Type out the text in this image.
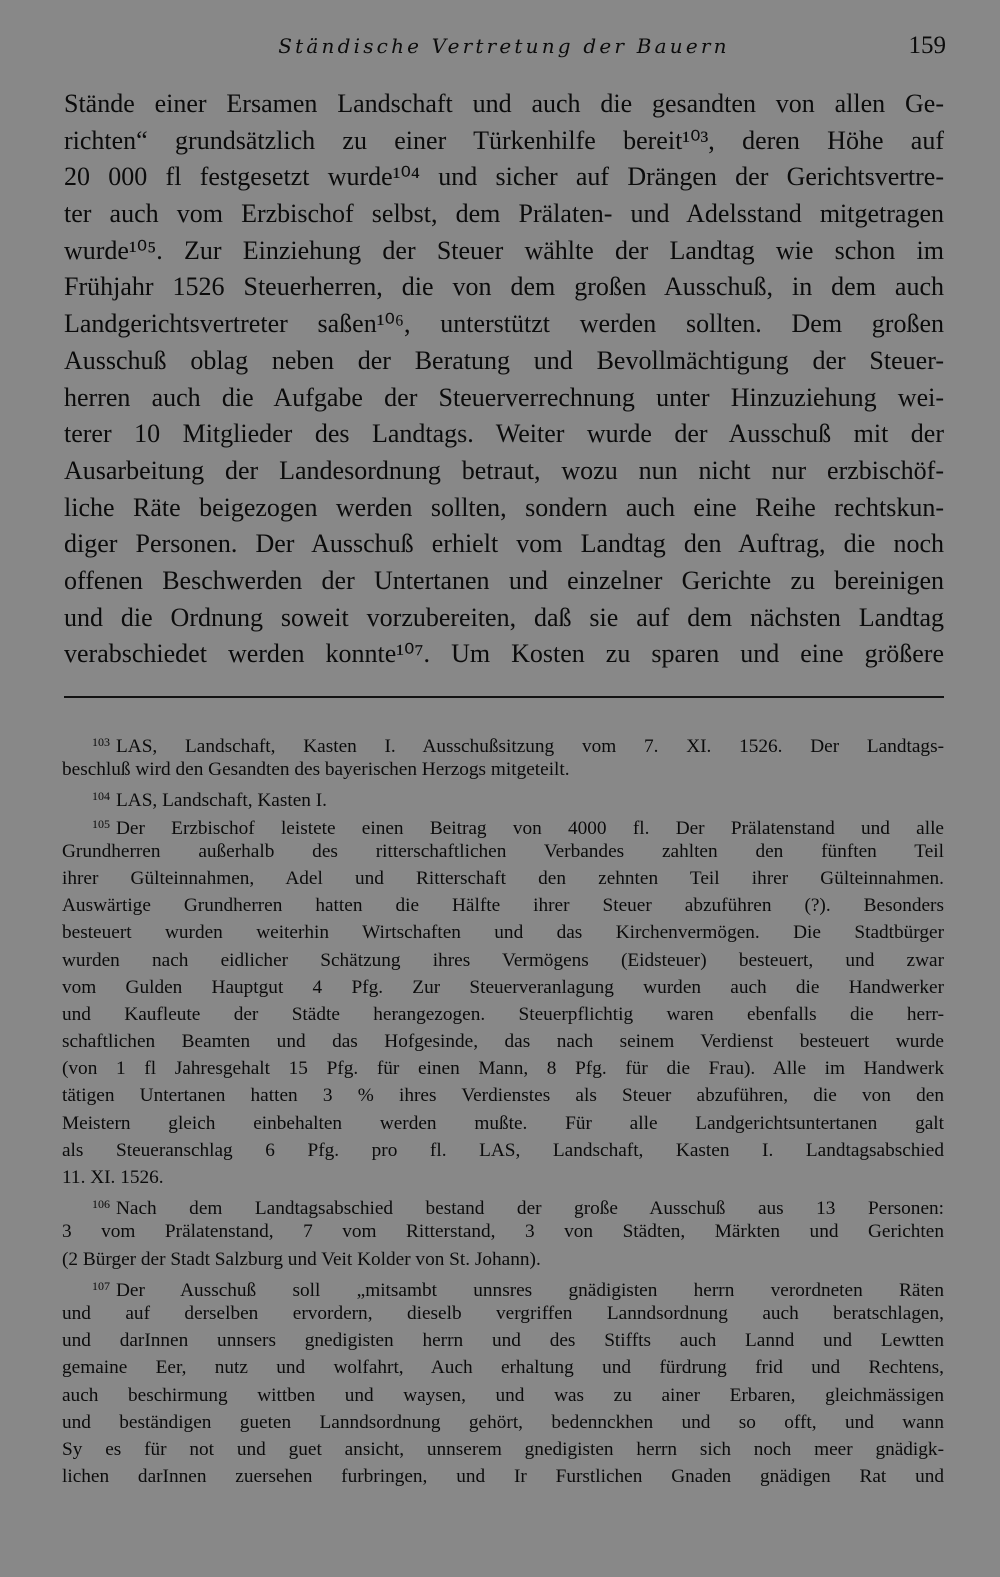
Ständische Vertretung der Bauern	159
Stände einer Ersamen Landschaft und auch die gesandten von allen Ge-
richten“ grundsätzlich zu einer Türkenhilfe bereit¹⁰³, deren Höhe auf
20 000 fl festgesetzt wurde¹⁰⁴ und sicher auf Drängen der Gerichtsvertre-
ter auch vom Erzbischof selbst, dem Prälaten- und Adelsstand mitgetragen
wurde¹⁰⁵. Zur Einziehung der Steuer wählte der Landtag wie schon im
Frühjahr 1526 Steuerherren, die von dem großen Ausschuß, in dem auch
Landgerichtsvertreter saßen¹⁰⁶, unterstützt werden sollten. Dem großen
Ausschuß oblag neben der Beratung und Bevollmächtigung der Steuer-
herren auch die Aufgabe der Steuerverrechnung unter Hinzuziehung wei-
terer 10 Mitglieder des Landtags. Weiter wurde der Ausschuß mit der
Ausarbeitung der Landesordnung betraut, wozu nun nicht nur erzbischöf-
liche Räte beigezogen werden sollten, sondern auch eine Reihe rechtskun-
diger Personen. Der Ausschuß erhielt vom Landtag den Auftrag, die noch
offenen Beschwerden der Untertanen und einzelner Gerichte zu bereinigen
und die Ordnung soweit vorzubereiten, daß sie auf dem nächsten Landtag
verabschiedet werden konnte¹⁰⁷. Um Kosten zu sparen und eine größere
$^{103}$ LAS, Landschaft, Kasten I. Ausschußsitzung vom 7. XI. 1526. Der Landtags-
beschluß wird den Gesandten des bayerischen Herzogs mitgeteilt.
$^{104}$ LAS, Landschaft, Kasten I.
$^{105}$ Der Erzbischof leistete einen Beitrag von 4000 fl. Der Prälatenstand und alle
Grundherren außerhalb des ritterschaftlichen Verbandes zahlten den fünften Teil
ihrer Gülteinnahmen, Adel und Ritterschaft den zehnten Teil ihrer Gülteinnahmen.
Auswärtige Grundherren hatten die Hälfte ihrer Steuer abzuführen (?). Besonders
besteuert wurden weiterhin Wirtschaften und das Kirchenvermögen. Die Stadtbürger
wurden nach eidlicher Schätzung ihres Vermögens (Eidsteuer) besteuert, und zwar
vom Gulden Hauptgut 4 Pfg. Zur Steuerveranlagung wurden auch die Handwerker
und Kaufleute der Städte herangezogen. Steuerpflichtig waren ebenfalls die herr-
schaftlichen Beamten und das Hofgesinde, das nach seinem Verdienst besteuert wurde
(von 1 fl Jahresgehalt 15 Pfg. für einen Mann, 8 Pfg. für die Frau). Alle im Handwerk
tätigen Untertanen hatten 3 % ihres Verdienstes als Steuer abzuführen, die von den
Meistern gleich einbehalten werden mußte. Für alle Landgerichtsuntertanen galt
als Steueranschlag 6 Pfg. pro fl. LAS, Landschaft, Kasten I. Landtagsabschied
11. XI. 1526.
$^{106}$ Nach dem Landtagsabschied bestand der große Ausschuß aus 13 Personen:
3 vom Prälatenstand, 7 vom Ritterstand, 3 von Städten, Märkten und Gerichten
(2 Bürger der Stadt Salzburg und Veit Kolder von St. Johann).
$^{107}$ Der Ausschuß soll „mitsambt unnsres gnädigisten herrn verordneten Räten
und auf derselben ervordern, dieselb vergriffen Lanndsordnung auch beratschlagen,
und darInnen unnsers gnedigisten herrn und des Stiffts auch Lannd und Lewtten
gemaine Eer, nutz und wolfahrt, Auch erhaltung und fürdrung frid und Rechtens,
auch beschirmung wittben und waysen, und was zu ainer Erbaren, gleichmässigen
und beständigen gueten Lanndsordnung gehört, bedennckhen und so offt, und wann
Sy es für not und guet ansicht, unnserem gnedigisten herrn sich noch meer gnädigk-
lichen darInnen zuersehen furbringen, und Ir Furstlichen Gnaden gnädigen Rat und
